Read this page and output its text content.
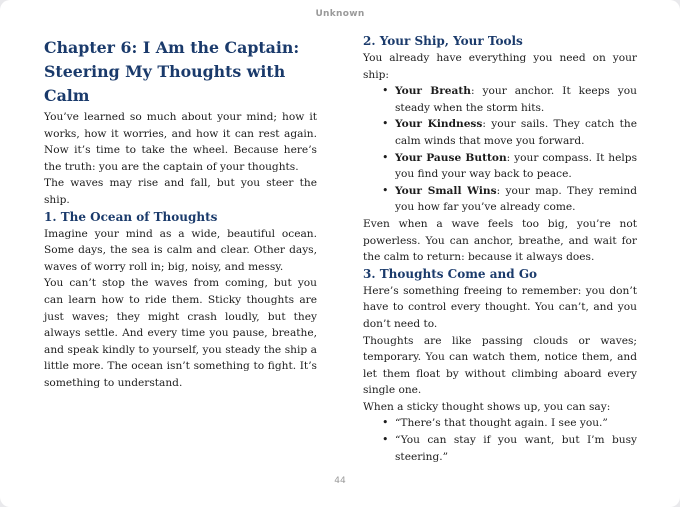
Unknown
Chapter 6: I Am the Captain: Steering My Thoughts with Calm

You’ve learned so much about your mind; how it works, how it worries, and how it can rest again. Now it’s time to take the wheel. Because here’s the truth: you are the captain of your thoughts.

The waves may rise and fall, but you steer the ship.

1. The Ocean of Thoughts

Imagine your mind as a wide, beautiful ocean. Some days, the sea is calm and clear. Other days, waves of worry roll in; big, noisy, and messy.

You can’t stop the waves from coming, but you can learn how to ride them. Sticky thoughts are just waves; they might crash loudly, but they always settle. And every time you pause, breathe, and speak kindly to yourself, you steady the ship a little more. The ocean isn’t something to fight. It’s something to understand.

2. Your Ship, Your Tools

You already have everything you need on your ship:

• Your Breath: your anchor. It keeps you steady when the storm hits.
• Your Kindness: your sails. They catch the calm winds that move you forward.
• Your Pause Button: your compass. It helps you find your way back to peace.
• Your Small Wins: your map. They remind you how far you’ve already come.

Even when a wave feels too big, you’re not powerless. You can anchor, breathe, and wait for the calm to return: because it always does.

3. Thoughts Come and Go

Here’s something freeing to remember: you don’t have to control every thought. You can’t, and you don’t need to.

Thoughts are like passing clouds or waves; temporary. You can watch them, notice them, and let them float by without climbing aboard every single one.

When a sticky thought shows up, you can say:

• “There’s that thought again. I see you.”
• “You can stay if you want, but I’m busy steering.”
44
